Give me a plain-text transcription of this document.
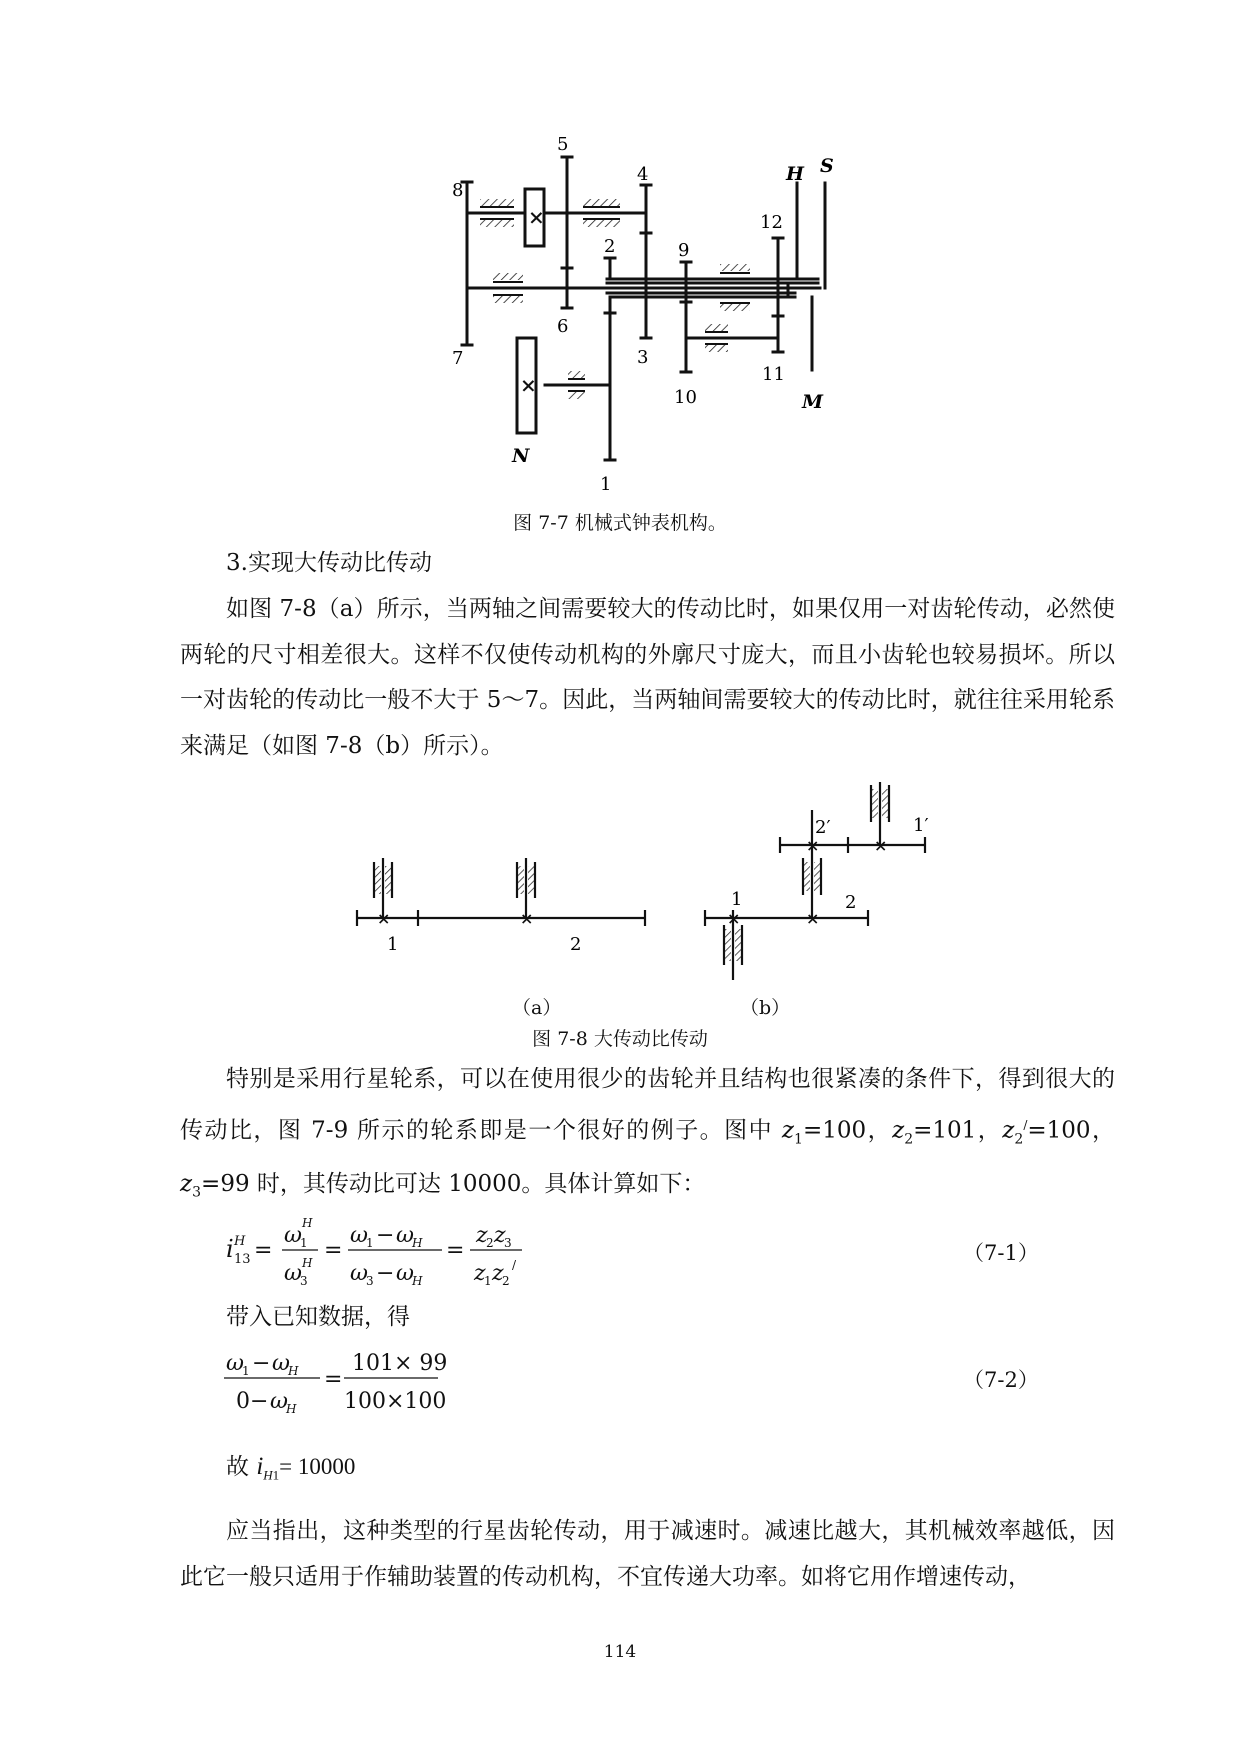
×
×
5
4
8
2	9
12
H S
6
7	3
11
10	M
N
1
图 7-7 机械式钟表机构。
3.实现大传动比传动
如图 7-8（a）所示，当两轴之间需要较大的传动比时，如果仅用一对齿轮传动，必然使两轮的尺寸相差很大。这样不仅使传动机构的外廓尺寸庞大，而且小齿轮也较易损坏。所以一对齿轮的传动比一般不大于 5～7。因此，当两轴间需要较大的传动比时，就往往采用轮系来满足（如图 7-8（b）所示）。
×	×	×	×
×	×
1	2
1	2
2′	1′
（a）	（b）
图 7-8 大传动比传动
特别是采用行星轮系，可以在使用很少的齿轮并且结构也很紧凑的条件下，得到很大的传动比，图 7-9 所示的轮系即是一个很好的例子。图中 $z_1=100$，$z_2=101$，$z_2^/=100$，$z_3=99$ 时，其传动比可达 10000。具体计算如下：
i 13
H =
ω
1
H
ω
3
H =
ω
1 − ω
H
ω
3 − ω
H
=
z
2 z
3
z
1 z
2
/	（7-1）
带入已知数据，得
ω
1 − ω
H
0 − ω
H
=
101× 99
100×100
（7-2）
故 $i_{H1}= 10000$
应当指出，这种类型的行星齿轮传动，用于减速时。减速比越大，其机械效率越低，因此它一般只适用于作辅助装置的传动机构，不宜传递大功率。如将它用作增速传动，
114
